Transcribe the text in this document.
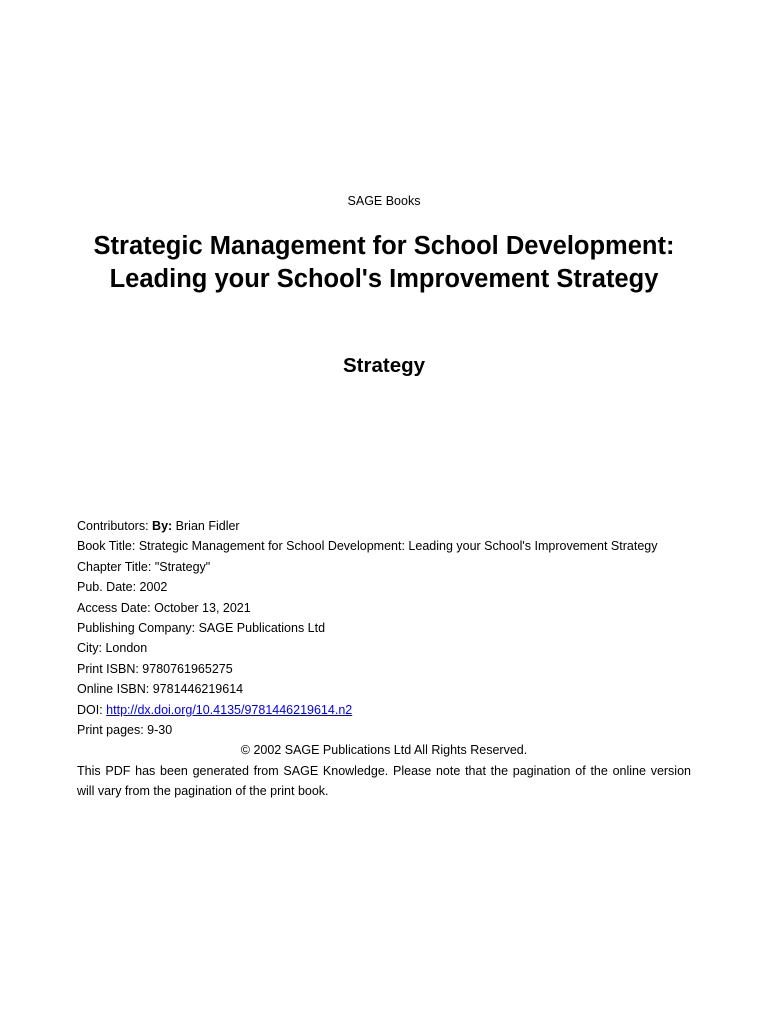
SAGE Books
Strategic Management for School Development: Leading your School's Improvement Strategy
Strategy
Contributors: By: Brian Fidler
Book Title: Strategic Management for School Development: Leading your School's Improvement Strategy
Chapter Title: "Strategy"
Pub. Date: 2002
Access Date: October 13, 2021
Publishing Company: SAGE Publications Ltd
City: London
Print ISBN: 9780761965275
Online ISBN: 9781446219614
DOI: http://dx.doi.org/10.4135/9781446219614.n2
Print pages: 9-30
© 2002 SAGE Publications Ltd All Rights Reserved.
This PDF has been generated from SAGE Knowledge. Please note that the pagination of the online version will vary from the pagination of the print book.
